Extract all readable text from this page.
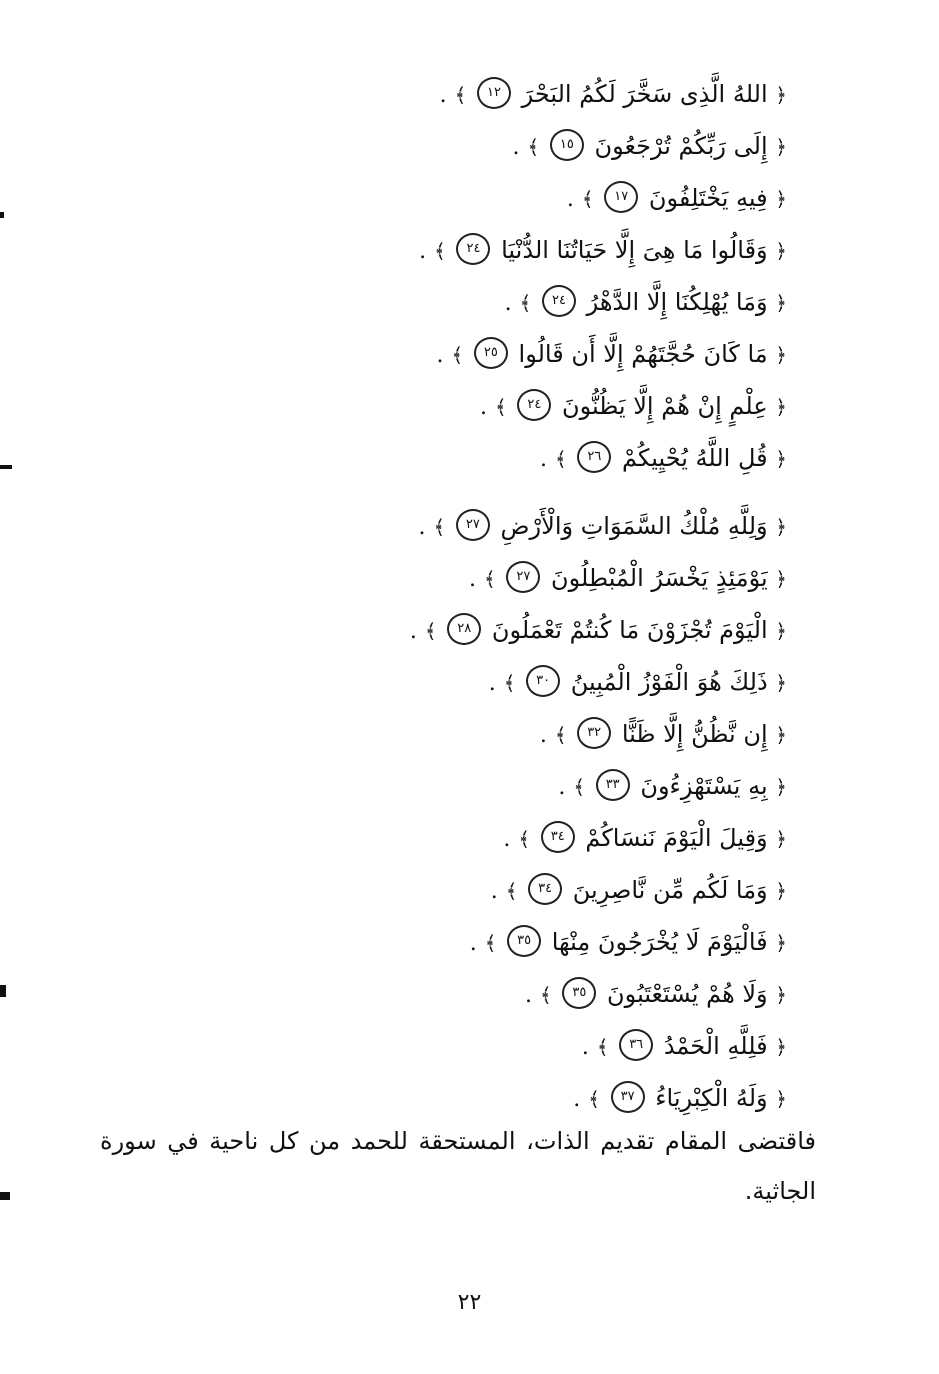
﴿ اللهُ الَّذِى سَخَّرَ لَكُمُ البَحْرَ ١٢ ﴾.
﴿ إِلَى رَبِّكُمْ تُرْجَعُونَ ١٥ ﴾.
﴿ فِيهِ يَخْتَلِفُونَ ١٧ ﴾.
﴿ وَقَالُوا مَا هِىَ إِلَّا حَيَاتُنَا الدُّنْيَا ٢٤ ﴾.
﴿ وَمَا يُهْلِكُنَا إِلَّا الدَّهْرُ ٢٤ ﴾.
﴿ مَا كَانَ حُجَّتَهُمْ إِلَّا أَن قَالُوا ٢٥ ﴾.
﴿ عِلْمٍ إِنْ هُمْ إِلَّا يَظُنُّونَ ٢٤ ﴾.
﴿ قُلِ اللَّهُ يُحْيِيكُمْ ٢٦ ﴾.
﴿ وَلِلَّهِ مُلْكُ السَّمَوَاتِ وَالْأَرْضِ ٢٧ ﴾.
﴿ يَوْمَئِذٍ يَخْسَرُ الْمُبْطِلُونَ ٢٧ ﴾.
﴿ الْيَوْمَ تُجْزَوْنَ مَا كُنتُمْ تَعْمَلُونَ ٢٨ ﴾.
﴿ ذَلِكَ هُوَ الْفَوْزُ الْمُبِينُ ٣٠ ﴾.
﴿ إِن نَّظُنُّ إِلَّا ظَنًّا ٣٢ ﴾.
﴿ بِهِ يَسْتَهْزِءُونَ ٣٣ ﴾.
﴿ وَقِيلَ الْيَوْمَ نَنسَاكُمْ ٣٤ ﴾.
﴿ وَمَا لَكُم مِّن نَّاصِرِينَ ٣٤ ﴾.
﴿ فَالْيَوْمَ لَا يُخْرَجُونَ مِنْهَا ٣٥ ﴾.
﴿ وَلَا هُمْ يُسْتَعْتَبُونَ ٣٥ ﴾.
﴿ فَلِلَّهِ الْحَمْدُ ٣٦ ﴾.
﴿ وَلَهُ الْكِبْرِيَاءُ ٣٧ ﴾.

فاقتضى المقام تقديم الذات، المستحقة للحمد من كل ناحية في سورة الجاثية.

٢٢
